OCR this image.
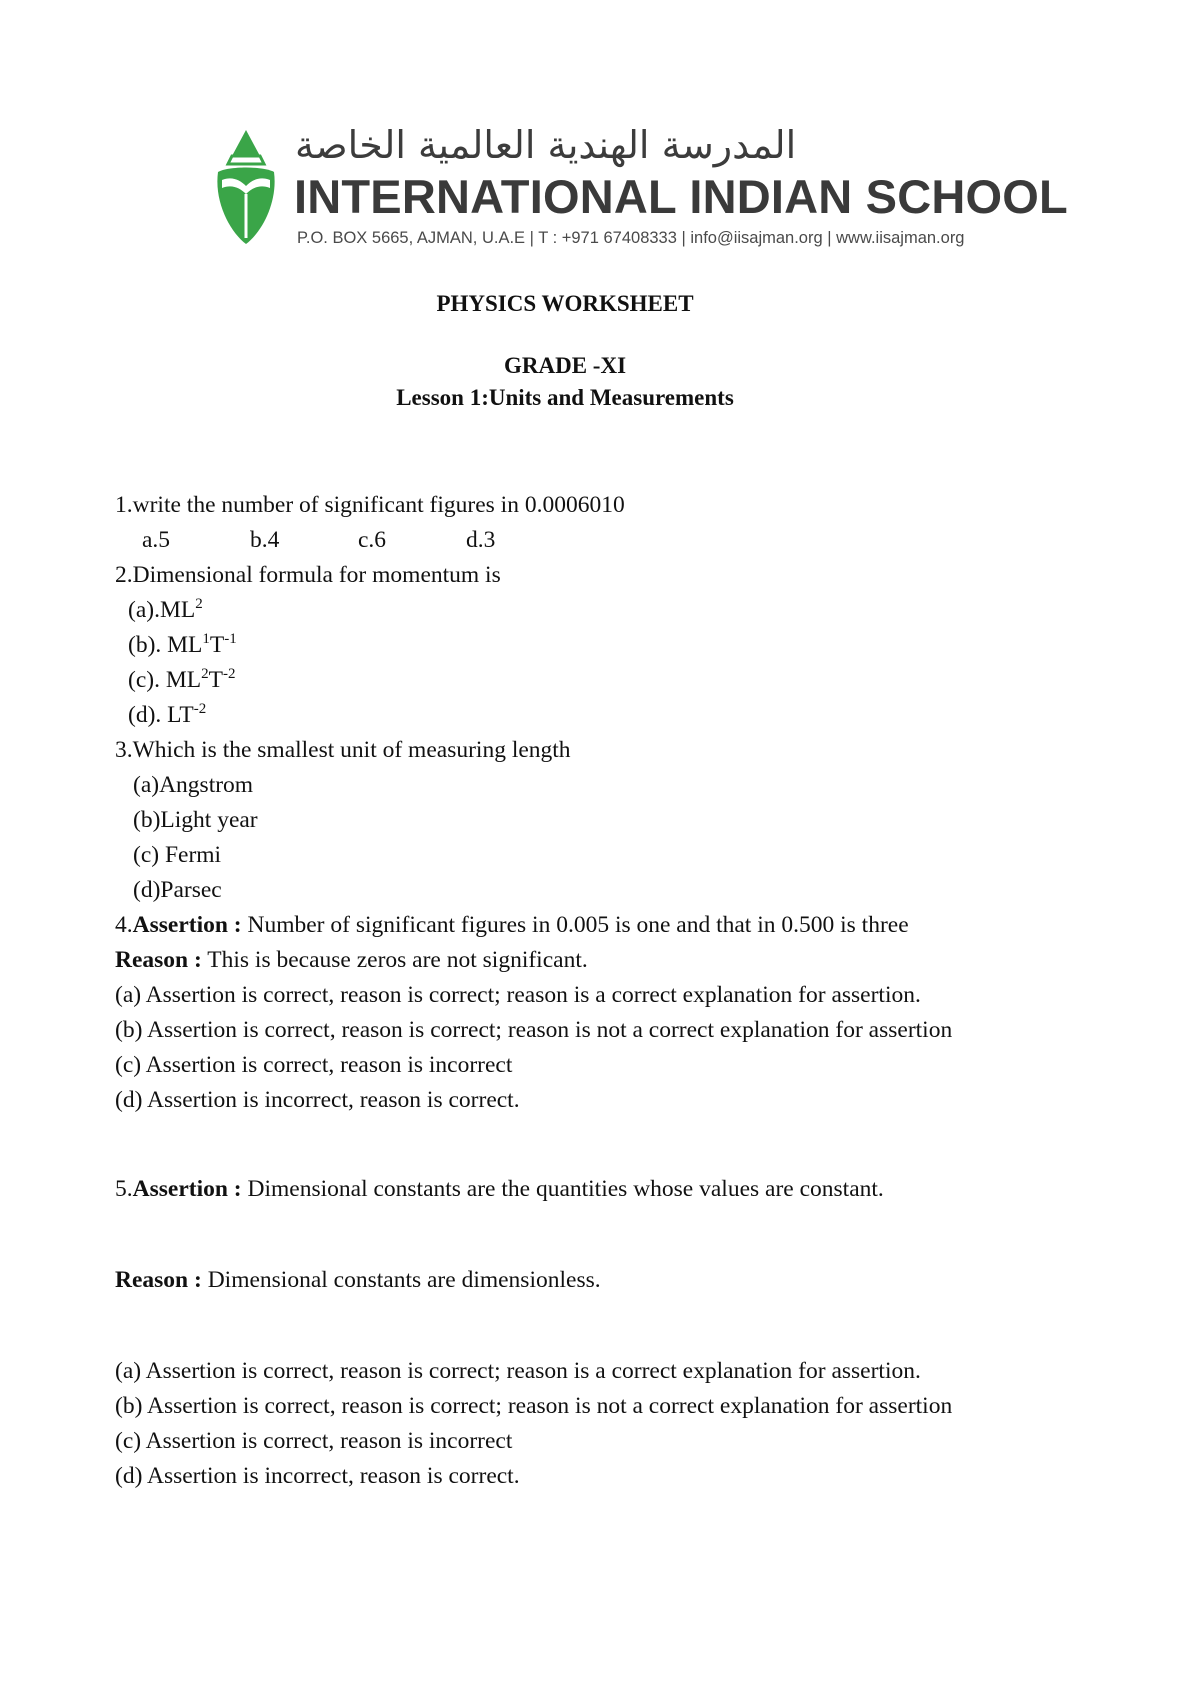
المدرسة الهندية العالمية الخاصة
INTERNATIONAL INDIAN SCHOOL
P.O. BOX 5665, AJMAN, U.A.E | T : +971 67408333 | info@iisajman.org | www.iisajman.org
PHYSICS WORKSHEET
GRADE -XI
Lesson 1:Units and Measurements
1.write the number of significant figures in 0.0006010
a.5	b.4	c.6	d.3
2.Dimensional formula for momentum is
$(a).ML^2$
(b). $ML^1T^{-1}$
(c). $ML^2T^{-2}$
(d). $LT^{-2}$
3.Which is the smallest unit of measuring length
(a)Angstrom
(b)Light year
(c) Fermi
(d)Parsec
4.Assertion : Number of significant figures in 0.005 is one and that in 0.500 is three
Reason : This is because zeros are not significant.
(a) Assertion is correct, reason is correct; reason is a correct explanation for assertion.
(b) Assertion is correct, reason is correct; reason is not a correct explanation for assertion
(c) Assertion is correct, reason is incorrect
(d) Assertion is incorrect, reason is correct.
5.Assertion : Dimensional constants are the quantities whose values are constant.
Reason : Dimensional constants are dimensionless.
(a) Assertion is correct, reason is correct; reason is a correct explanation for assertion.
(b) Assertion is correct, reason is correct; reason is not a correct explanation for assertion
(c) Assertion is correct, reason is incorrect
(d) Assertion is incorrect, reason is correct.
